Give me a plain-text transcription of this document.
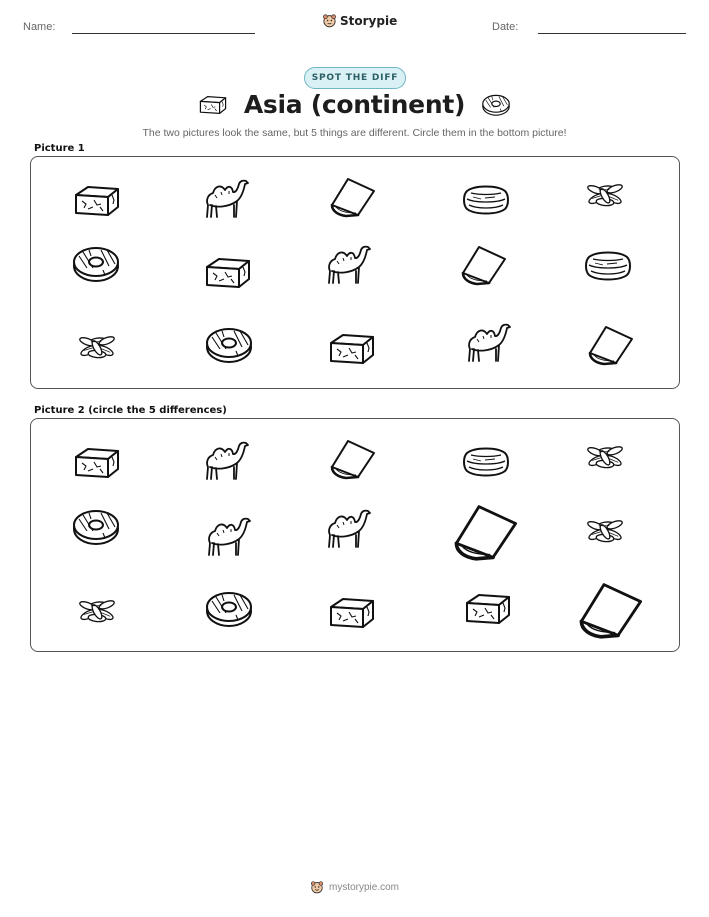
Name:	Storypie	Date:
SPOT THE DIFF
Asia (continent)
The two pictures look the same, but 5 things are different. Circle them in the bottom picture!
Picture 1
Picture 2 (circle the 5 differences)
mystorypie.com
